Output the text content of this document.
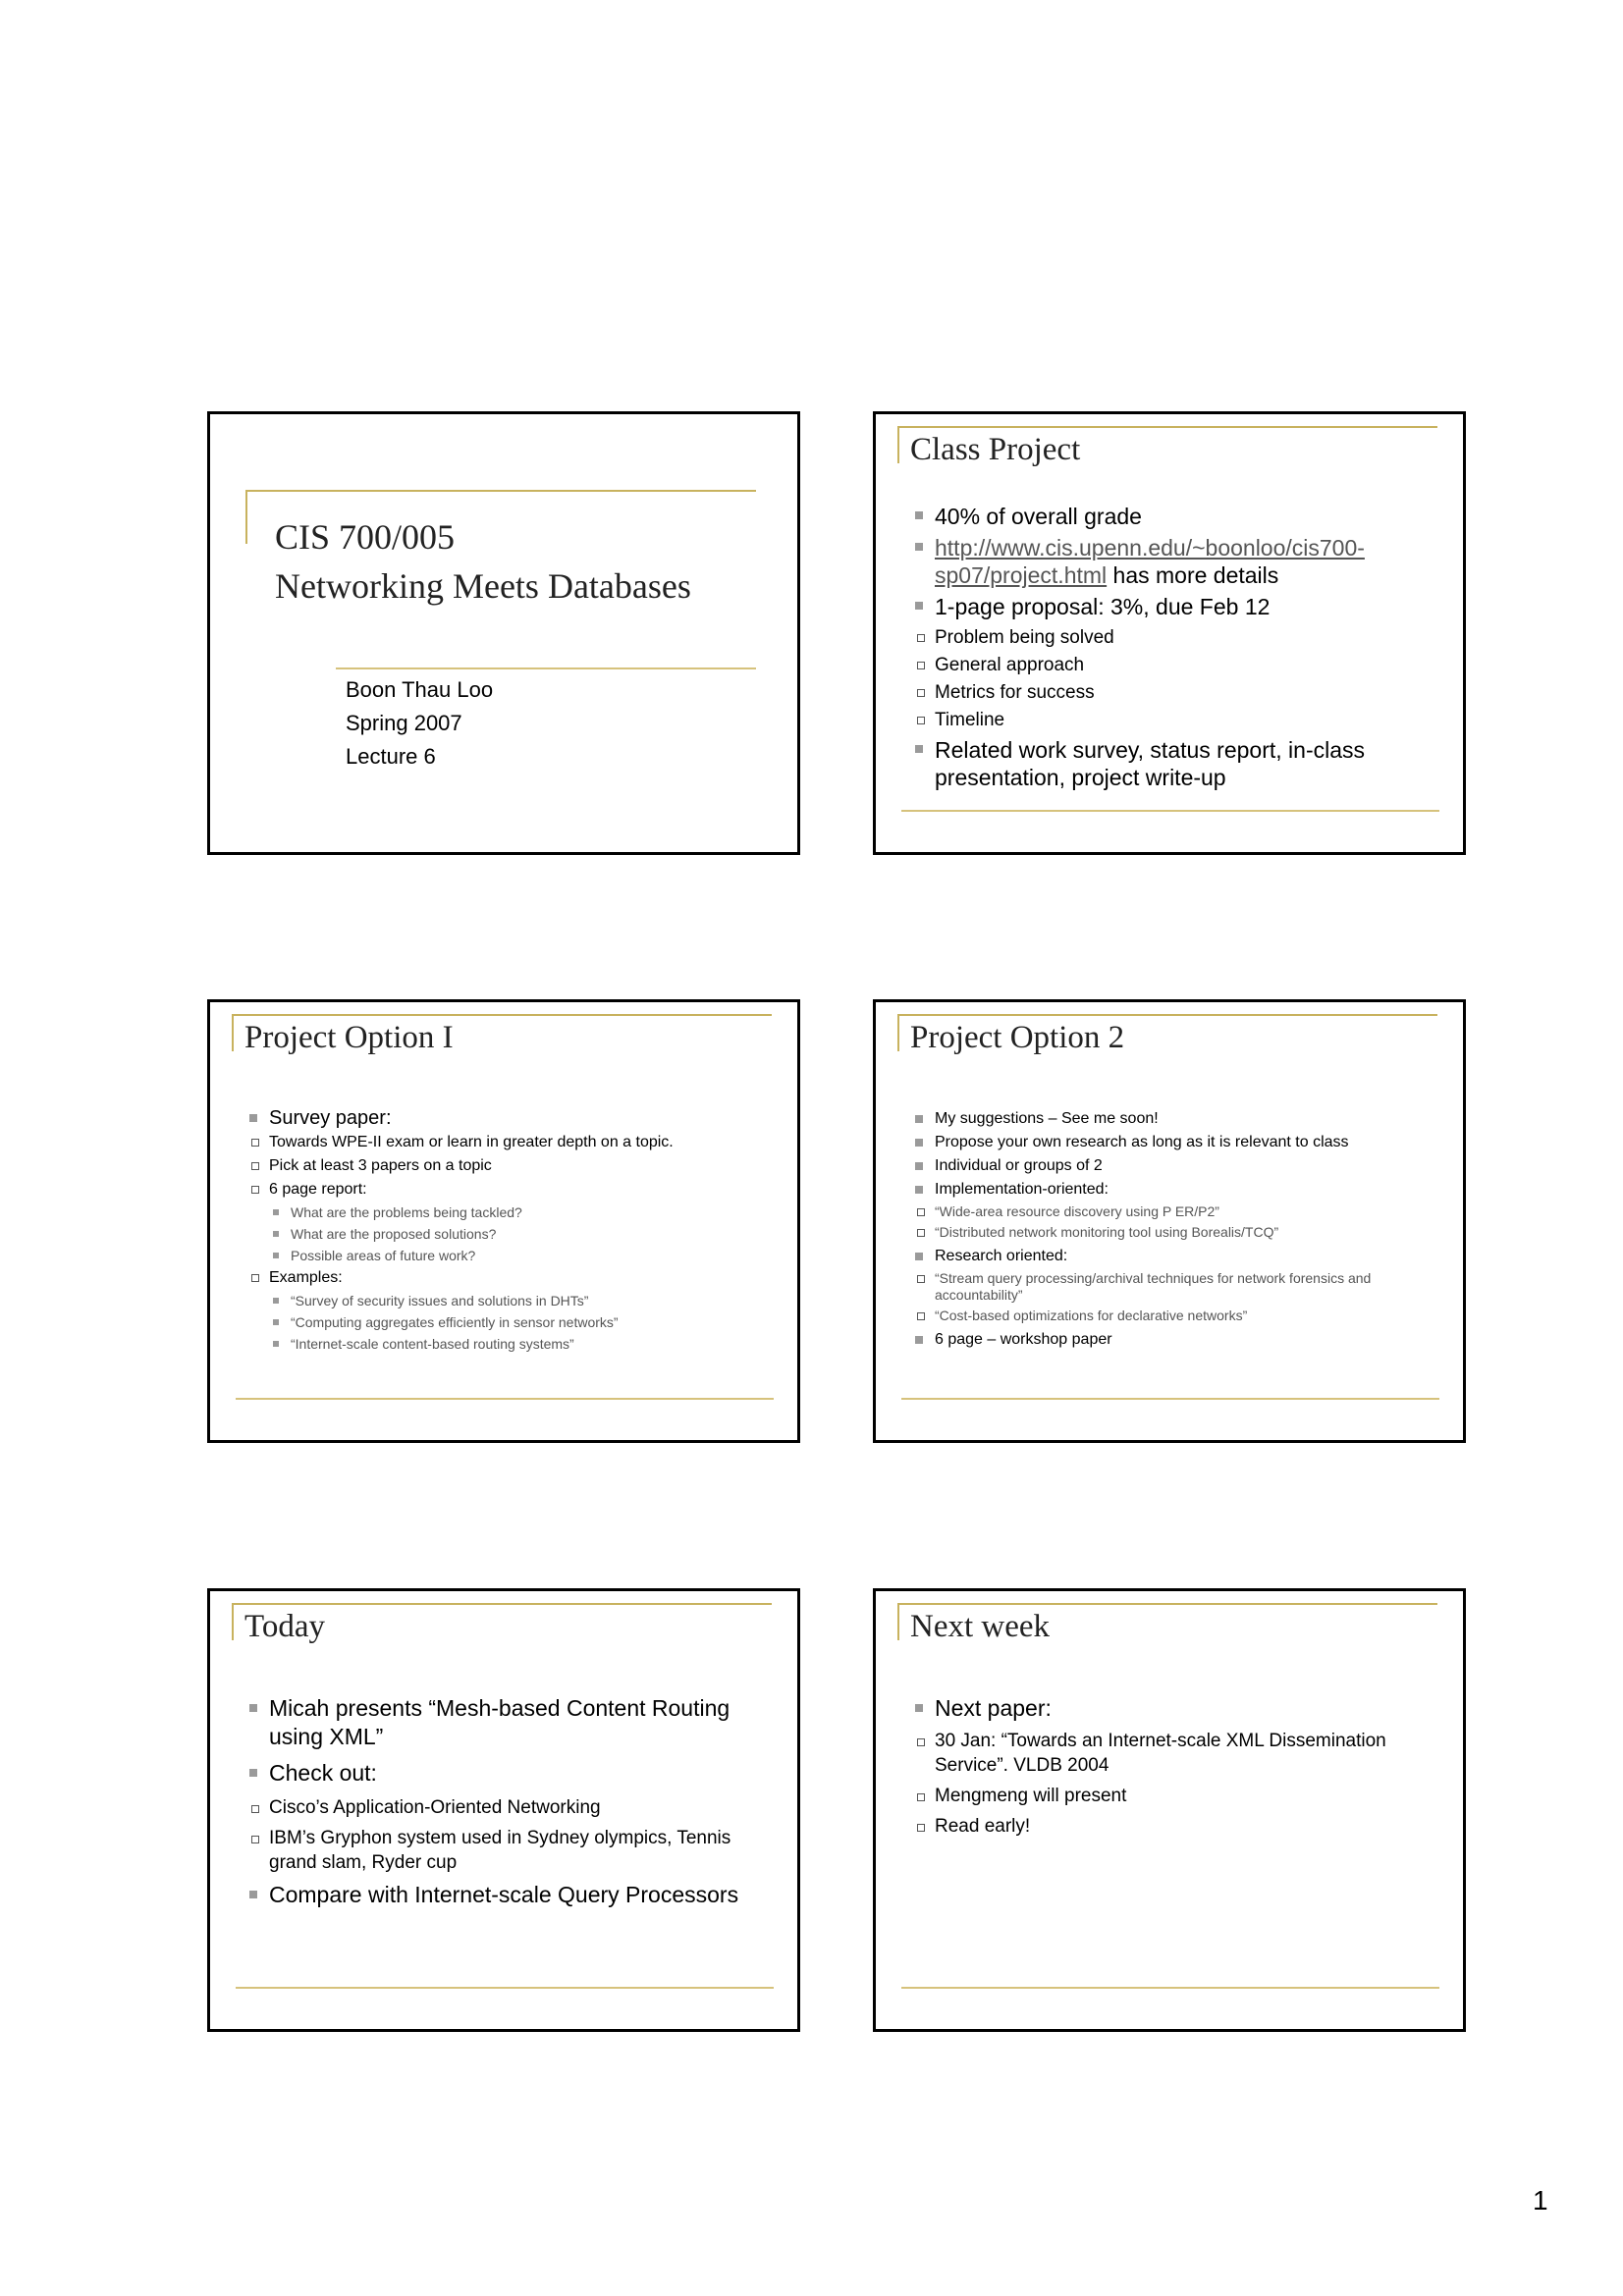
CIS 700/005
Networking Meets Databases
Boon Thau Loo
Spring 2007
Lecture 6
Class Project
40% of overall grade
http://www.cis.upenn.edu/~boonloo/cis700-sp07/project.html has more details
1-page proposal: 3%, due Feb 12
Problem being solved
General approach
Metrics for success
Timeline
Related work survey, status report, in-class presentation, project write-up
Project Option I
Survey paper:
Towards WPE-II exam or learn in greater depth on a topic.
Pick at least 3 papers on a topic
6 page report:
What are the problems being tackled?
What are the proposed solutions?
Possible areas of future work?
Examples:
“Survey of security issues and solutions in DHTs”
“Computing aggregates efficiently in sensor networks”
“Internet-scale content-based routing systems”
Project Option 2
My suggestions – See me soon!
Propose your own research as long as it is relevant to class
Individual or groups of 2
Implementation-oriented:
“Wide-area resource discovery using P ER/P2”
“Distributed network monitoring tool using Borealis/TCQ”
Research oriented:
“Stream query processing/archival techniques for network forensics and accountability”
“Cost-based optimizations for declarative networks”
6 page – workshop paper
Today
Micah presents “Mesh-based Content Routing using XML”
Check out:
Cisco’s Application-Oriented Networking
IBM’s Gryphon system used in Sydney olympics, Tennis grand slam, Ryder cup
Compare with Internet-scale Query Processors
Next week
Next paper:
30 Jan: “Towards an Internet-scale XML Dissemination Service”. VLDB 2004
Mengmeng will present
Read early!
1
